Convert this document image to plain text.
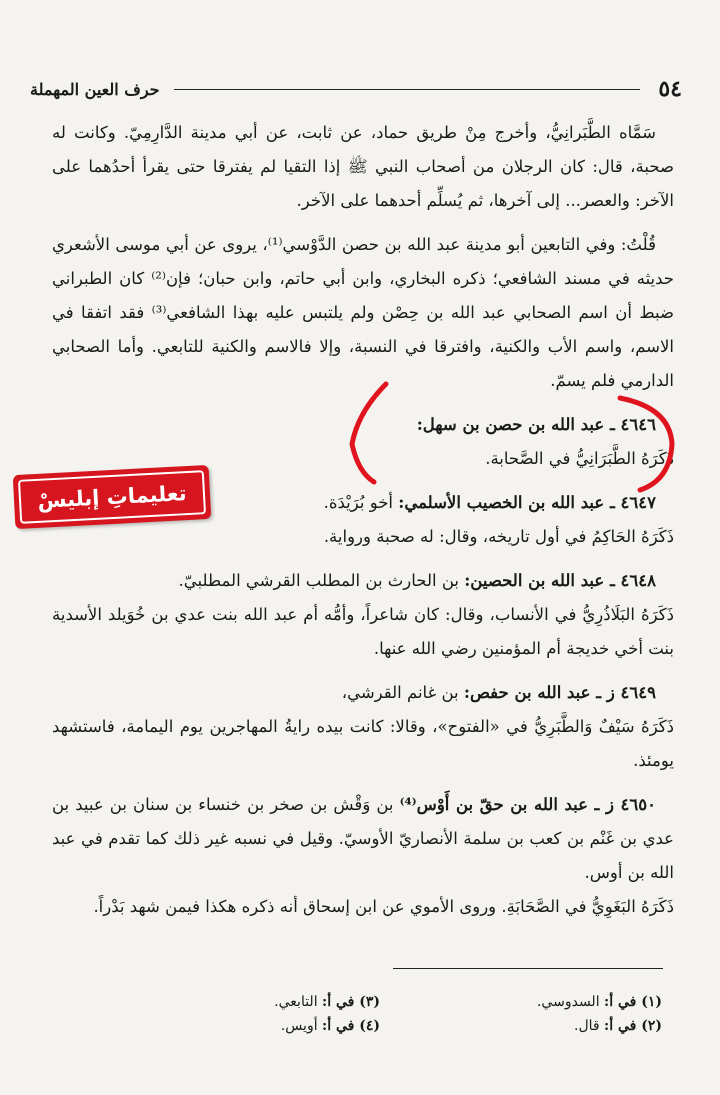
٥٤
حرف العين المهملة

سَمَّاه الطَّبَرانِيُّ، وأخرج مِنْ طريق حماد، عن ثابت، عن أبي مدينة الدَّارِمِيّ. وكانت له صحبة، قال: كان الرجلان من أصحاب النبي ﷺ إذا التقيا لم يفترقا حتى يقرأ أحدُهما على الآخر: والعصر... إلى آخرها، ثم يُسلِّم أحدهما على الآخر.

قُلْتُ: وفي التابعين أبو مدينة عبد الله بن حصن الدَّوْسي⁽¹⁾، يروى عن أبي موسى الأشعري حديثه في مسند الشافعي؛ ذكره البخاري، وابن أبي حاتم، وابن حبان؛ فإن⁽²⁾ كان الطبراني ضبط أن اسم الصحابي عبد الله بن حِصْن ولم يلتبس عليه بهذا الشافعي⁽³⁾ فقد اتفقا في الاسم، واسم الأب والكنية، وافترقا في النسبة، وإلا فالاسم والكنية للتابعي. وأما الصحابي الدارمي فلم يسمّ.

٤٦٤٦ ـ عبد الله بن حصن بن سهل:
ذَكَرَهُ الطَّبَرَانِيُّ في الصَّحابة.
٤٦٤٧ ـ عبد الله بن الخصيب الأسلمي: أخو بُرَيْدَة.
ذَكَرَهُ الحَاكِمُ في أول تاريخه، وقال: له صحبة ورواية.
٤٦٤٨ ـ عبد الله بن الحصين: بن الحارث بن المطلب القرشي المطلبيّ.
ذَكَرَهُ البَلَاذُرِيُّ في الأنساب، وقال: كان شاعراً، وأمُّه أم عبد الله بنت عدي بن خُوَيلد الأسدية بنت أخي خديجة أم المؤمنين رضي الله عنها.
٤٦٤٩ ز ـ عبد الله بن حفص: بن غانم القرشي،
ذَكَرَهُ سَيْفٌ وَالطَّبَرِيُّ في «الفتوح»، وقالا: كانت بيده رايةُ المهاجرين يوم اليمامة، فاستشهد يومئذ.
٤٦٥٠ ز ـ عبد الله بن حقّ بن أَوْس⁽⁴⁾ بن وَقْش بن صخر بن خنساء بن سنان بن عبيد بن عدي بن غَنْم بن كعب بن سلمة الأنصاريّ الأوسيّ. وقيل في نسبه غير ذلك كما تقدم في عبد الله بن أوس.
ذَكَرَهُ البَغَوِيُّ في الصَّحَابَةِ. وروى الأموي عن ابن إسحاق أنه ذكره هكذا فيمن شهد بَدْراً.
(١) في أ: السدوسي.
(٢) في أ: قال.
(٣) في أ: التابعي.
(٤) في أ: أويس.
تعليماتِ إبليسْ
